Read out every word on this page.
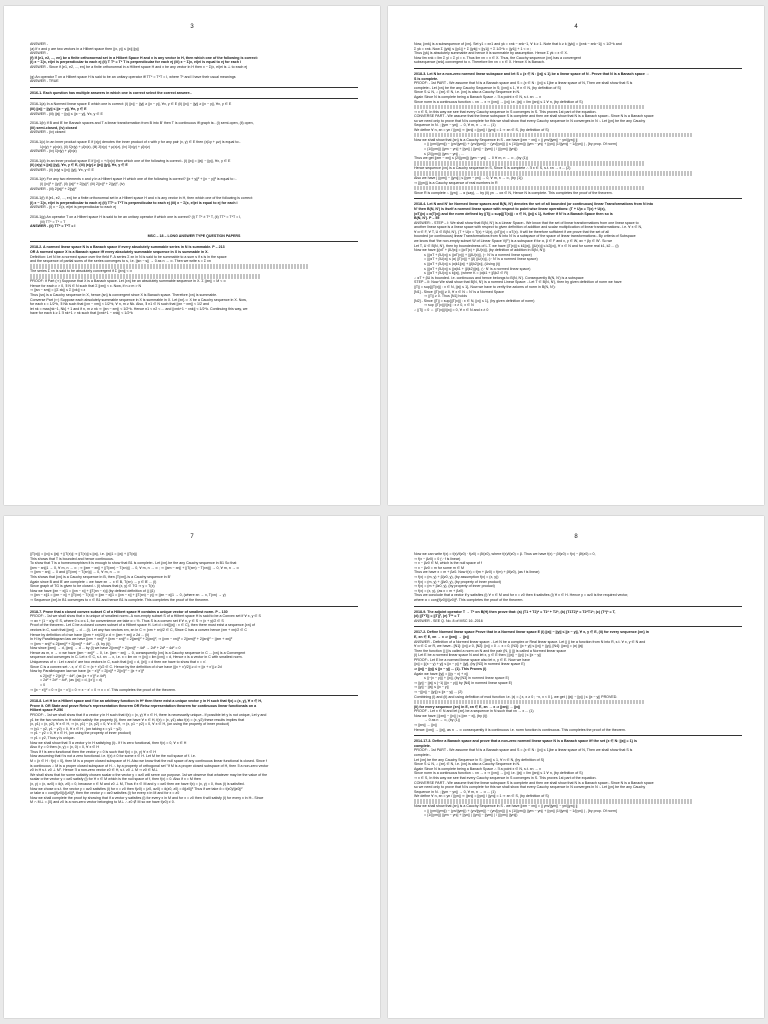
3
ANSWER -
(a) If x and y are two vectors in a Hilbert space then |(x, y)| ≤ ||x|| ||y||
ANSWER -
(f) If {e1, e2, ..., en} be a finite orthonormal set in a Hilbert Space H and x is any vector in H, then which one of the following is correct:
(i) x − Σ(x, ei)ei is perpendicular to each ej (ii) T T* = T* T is perpendicular for each ej (iii) x − Σ(x, ei)ei is equal to ej for each i
ANSWER - Since if {e1, e2, ..., en} be a finite orthonormal in a Hilbert space H and x be any vector in H then x − Σ(x, ei)ei is ⊥ to each ej
(g) An operator T on a Hilbert space H is said to be an unitary operator iff TT* = T*T = I, where T* and I have their usual meanings
ANSWER - TRUE
2016-1. Each question has multiple answers in which one is correct select the correct answer:-
2016-1(a) In a Normed linear space E which one is correct: (i) ||x|| − ||y|| ≥ ||x − y||, ∀x, y ∈ E (ii) ||x|| − ||y|| ≥ ||x − y||, ∀x, y ∈ E
(iii) ||x|| − ||y|| ≤ ||x − y||, ∀x, y ∈ E
ANSWER - (iii) ||x|| − ||y|| ≤ ||x − y||, ∀x, y ∈ E
2016-1(b) If B and B' be Banach spaces and T a linear transformation from B into B' then T is continuous iff graph is:- (i) semi-open, (ii) open,
(iii) semi-closed, (iv) closed
ANSWER - (iv) closed
2016-1(c) In an inner product space E if (x|y) denotes the inner product of x with y for any pair (x, y) ∈ E then (x|λy + μz) is equal to:-
λ(x|y) + μ(x|z), (ii) λ̄(x|y) + μ̄(x|z), (iii) λ̄(x|y) + μ(x|z), (iv) λ̄(x|y) + μ̄(x|z)
ANSWER - (iv) λ̄(x|y) + μ̄(x|z)
2016-1(d) In an inner product space E if ||x|| = +√(x|x) then which one of the following is correct:- (i) ||x|| = ||x|| − ||y||, ∀x, y ∈ E
(ii) |x|y| ≤ ||x|| ||y||, ∀x, y ∈ E, (iii) |x|y| ≥ ||x|| ||y||, ∀x, y ∈ E
ANSWER - (ii) |x|y| ≤ ||x|| ||y||, ∀x, y ∈ E
2016-1(e) For any two elements x and y in a Hilbert space H which one of the following is correct? ||x + y||² + ||x − y||² is equal to :-
(i) ||x||² + ||y||², (ii) ||x||² + 2||y||², (iii) 2||x||² + 2||y||², (iv)
ANSWER - (iii) 2||x||² + 2||y||²
2016-1(f) If {e1, e2, ..., en} be a finite orthonormal set in a Hilbert space H and x is any vector in H, then which one of the following is correct:
(i) x − Σ(x, ei)ei is perpendicular to each ej (ii) TT* = T*T is perpendicular to each ej (iii) x − Σ(x, ei)ei is equal to ej for each i
ANSWER - (i) x − Σ(x, ei)ei is perpendicular to each ej
2016-1(g) An operator T on a Hilbert space H is said to be an unitary operator if which one is correct? (i) T T* ≠ T* T, (ii) TT* = T*T = I,
(iii) TT* = T* = T
ANSWER - (ii) TT* = T*T = I
MSC – 18 – LONG ANSWER TYPE QUESTION PAPERS
2018-2. A normed linear space N is a Banach space if every absolutely summable series in N is summable. P – 213
OR A normed space X is a Banach space iff every absolutely summable sequence in X is summable in X.
Definition: Let N be a normed space over the field F. A series Σ xn in N is said to be summable to a sum s if s is in the space
and the sequence of partial sums of the series converges to s, i.e. ||sn − s|| → 0 as n → ∞. Then we write s = Σ xn
The series Σ xn is said to be absolutely convergent if Σ ||xn|| < ∞
PROOF: If Part (⇒) Suppose that X is a Banach space. Let {xn} be an absolutely summable sequence in X. Σ ||xn|| = M < ∞
Hence for each ε > 0, ∃ N ∈ N such that Σ ||xn|| < ε. Now, if n ≥ m > N
⇒ ||sn − sm|| = ||Σ xk|| ≤ Σ ||xk|| < ε
Thus {sn} is a Cauchy sequence in X, hence {sn} is convergent since X is Banach space. Therefore {xn} is summable.
Converse Part (⇐) Suppose each absolutely summable sequence in X is summable in X. Let {xn} ⊂ X be a Cauchy sequence in X. Now,
for each ε = 1/2^k, ∃ Nk such that ||xn − xm|| < 1/2^k, ∀ n, m ≥ Nk. Also, ∃ n1 ∈ N such that ||xn − xm|| < 1/2 and
let nk = max{nk−1, Nk} + 1 and if n, m ≥ nk ⇒ ||xn − xm|| < 1/2^k. Hence n1 < n2 < ... and ||xnk+1 − xnk|| < 1/2^k. Continuing this way, we
have for each k ≥ 1 ∃ nk+1 > nk such that ||xnk+1 − xnk|| < 1/2^k
4
Now, {xnk} is a subsequence of {xn}. Set y1 = xn1 and yk = xnk − xnk−1, ∀ k ≥ 1. Note that k ≥ k ||yk|| = ||xnk − xnk−1|| < 1/2^k and
Σ yk = xnk. Now Σ ||yk|| ≤ ||y1|| + Σ ||yk|| < ||y1|| + Σ 1/2^k = ||y1|| + 1 < ∞ ;
Thus {yk} is absolutely summable and hence it is summable by assumption. Hence Σ yk = x ∈ X.
Now lim xnk = lim Σ yi = Σ yi = x. Thus lim xn = x ∈ X. Thus, the Cauchy sequence {xn} has a convergent
subsequence {xnk} convergent to x. Therefore lim xn = x ∈ X. Hence X is Banach.
2018-3. Let N be a non-zero normed linear subspace and let S = {x ∈ N : ||x|| ≤ 1} be a linear space of N . Prove that N is a Banach space ⇔
S is complete.
PROOF: - 1st PART - We assume that N is a Banach space and S = {x ∈ N : ||x|| ≤ 1}be a linear space of N, Then we shall show that S is
complete:- Let {xn} be the any Cauchy Sequence in S; ||xn|| ≤ 1, ∀ n ∈ N, (by definition of S)
Since S ⊆ N, ∴ {xn} ∈ N, i.e. {xn} is also a Cauchy Sequence in N.
Again Since N is complete being a Banach Space ∴ ∃ a point x ∈ N, s.t. xn → x
Since norm is a continuous function ∴ xn → x ⇒ ||xn|| → ||x|| i.e. ||x|| = lim ||xn|| ≤ 1 ∀ n, (by definition of S)
⇒ x ∈ S, In this way we see that every Cauchy sequence in S converges in S. This proves 1st part of the equation.
CONVERSE PART - We assume that the linear subspace S is complete and then we shall show that N is a Banach space:- Since N is a Banach space
so we need only to prove that N is complete for this we shall show that every Cauchy sequence in N converges in N :- Let {yn} be the any Cauchy
Sequence in N. ; ||ym − yn|| → 0, ∀ m, n → ∞ ... (1)
We define ∀ n, xn = yn / ||yn|| ⇒ ||xn|| = ||yn|| / ||yn|| = 1 ⇒ xn ∈ S, (by definition of S)
Now we shall show that {xn} is a Cauchy Sequence in S - we have ||xm − xn|| = || ym/||ym|| − yn/||yn|| ||
= || (ym/||ym||) − (yn/||ym||) + (yn/||ym||) − (yn/||yn||) || ≤ (1/||ym||) ||ym − yn|| + ||yn|| |1/||ym|| − 1/||yn|| | , [by prop. Of norm]
= (1/||ym||) ||ym − yn|| + ||yn|| | ||yn|| − ||ym|| | / (||ym|| ||yn||)
≤ (2/||ym||) ||ym − yn|| , ...
Thus we get ||xm − xn|| ≤ (2/||ym||) ||ym − yn|| → 0 ∀ m, n → ∞ , (by (1))
Hence sequence {xn} is a Cauchy sequence in S, Since S is complete ∴ ∃ x ∈ S, s.t. xn → x ... (2)
Also we have | ||ym|| − ||yn|| | ≤ ||ym − yn|| → 0, ∀ m, n → ∞, (by (1))
⇒ {||yn||} is a Cauchy sequence of real numbers in R
Since R is complete ∴ ||yn|| → α (say), ... by (ii) yn → αx ∈ N, Hence N is complete. This completes the proof of the theorem.
2018-4. Let N and N' be Normed linear spaces and B(N, N') denotes the set of all bounded (or continuous) linear Transformations from N into
N' then B(N, N') is itself a normed linear space with respect to point wise linear operations: (T + U)x = T(x) + U(x),
(αT)(x) = α(T(x)) and the norm defined by ||T|| = sup{||T(x)|| : x ∈ N, ||x|| ≤ 1}, further if N' is a Banach Space then so is
B(N, N'). P – 55
ANSWER: - STEP – I: We shall show that B(N, N') is a Linear Space:- We know that the set of linear transformations from one linear space to
another linear space is a linear space with respect to given definition of addition and scalar multiplication of linear transformations:- i.e. ∀ x ∈ N,
∀ α ∈ F, ∀ T, U ∈ B(N, N'), (T + U)x = T(x) + U(x), (αT)(x) = αT(x). It will be therefore sufficient if we prove that the set of all
bounded (or continuous) linear Transformations from N into N' is a subspace of the space of linear transformations:- By criteria of Subspace
we know that 'the non-empty subset W of Linear Space V(F) is a subspace if for α, β ∈ F and x, y ∈ W, αx + βy ∈ W'. So we
Let T, U ∈ B(N, N'), then by boundedness of L.T. we have ||T(x)|| ≤ k1||x||, ||U(x)|| ≤ k2||x||, ∀ x ∈ N and for some real k1, k2 ... (i)
Now we have ||(αT + βU)x|| = ||αT(x) + βU(x)||, (by definition of addition in B(N, N'))
≤ ||(αT + βU)x|| ≤ ||αT(x)|| + ||βU(x)||, (∵ N' is a normed linear space)
= ||(αT + βU)x|| ≤ |α| ||T(x)|| + |β| ||U(x)||, (∵ N' is a normed linear space)
≤ ||(αT + βU)x|| ≤ |α|k1||x|| + |β|k2||x||, (Using (i))
≤ ||(αT + βU)x|| ≤ (|α|k1 + |β|k2)||x||, (∵ N' is a normed linear space)
≤ ||(αT + βU)x|| ≤ k||x||, (where K = |α|k1 + |β|k2 ∈ R)
∴ αT + βU is bounded. i.e. continuous and hence belongs to B(N, N'). Consequently B(N, N') is a subspace
STEP – II: Now We shall show that B(N, N') is a normed Linear Space: - Let T ∈ B(N, N'), then by given definition of norm we have
||T|| = sup{||T(x)|| : x ∈ N, ||x|| ≤ 1}, Now we have to verify the axioms of norm in B(N, N'):
[N1] - Since ||T(x)|| ≥ 0, ∀ x ∈ N ∴ N' is a Normed Space
⇒ ||T|| ≥ 0. Thus [N1] holds
[N2] - Since ||T|| = sup{||T(x)|| : x ∈ N, ||x|| ≤ 1}, (by given definition of norm)
⇒ sup ||T(x)||/||x|| : x ≠ 0, x ∈ N
∴ ||T|| = 0 ⇔ ||T(x)||/||x|| = 0, ∀ x ∈ N and x ≠ 0
7
||T(x)|| = ||x|| ≤ ||x|| + ||T(x)|| ⇒ ||T(x)|| ≤ ||x||, i.e. ||x||1 = ||x|| + ||T(x)||
This shows that T is bounded and hence continuous.
To show that T is a homeomorphism it is enough to show that B1 is complete:- Let {xn} be the any Cauchy sequence in B1 So that
||xm − xn||1 → 0, ∀ m, n → ∞ ; ⇒ ||xm − xn|| + ||T(xm) − T(xn)|| → 0, ∀ m, n → ∞ ; ⇒ ||xm − xn|| + ||T(xm) − T(xn)|| → 0, ∀ m, n → ∞
⇒ ||xm − xn|| → 0 and ||T(xm) − T(xn)|| → 0, ∀ m, n → ∞
This shows that {xn} is a Cauchy sequence in B, then {T(xn)} is a Cauchy sequence in B'
Again since B and B' are complete ∴ we have xn → x ∈ B, T(xn) → y ∈ B' ... (i)
Since graph of TG is given to be closed ∴ (i) shows that (x, y) ∈ TG ⇒ y = T(x)
Now we have ||xn − x||1 = ||xn − x|| + ||T(xn − x)|| (by defined definition of || ||1)
⇒ ||xn − x||1 = ||xn − x|| + ||T(xn) − T(x)|| ⇒ ||xn − x||1 = ||xn − x|| + ||T(xn) − y|| ⇒ ||xn − x||1 → 0, (where xn → x, T(xn) → y)
⇒ Sequence {xn} in B1 converges to x ∈ B1 and hence B1 is complete. This completes the proof of the theorem.
2018-7. Prove that a closed convex subset C of a Hilbert space H contains a unique vector of smallest norm. P – 130
PROOF: - 1st we shall show that x is unique of smallest norm:- A non-empty subset S of a Hilbert space H is said to be a Convex set if ∀ x, y ∈ S
⇒ αx + (1 − α)y ∈ S, where 0 ≤ α ≤ 1, for convenience we take α = ½. Thus S is a convex set if ∀ x, y ∈ S ⇒ (x + y)/2 ∈ S
Proof of the theorem:- Let C be a closed convex subset of a Hilbert space H. Let d = inf{||x|| : x ∈ C}, then there must exist a sequence {xn} of
vectors in C, such that ||xn|| → d ... (i). Let any two vectors xm, xn in C ⇒ (xm + xn)/2 ∈ C, Since C has a convex hence (xm + xn)/2 ∈ C
Hence by definition of d we have ||(xm + xn)/2|| ≥ d ⇒ ||xm + xn|| ≥ 2d ... (ii)
In H by Parallelogram law we have ||xm + xn||² + ||xm − xn||² = 2||xm||² + 2||xn||², ⇒ ||xm − xn||² = 2||xm||² + 2||xn||² − ||xm + xn||²
⇒ ||xm − xn||² ≤ 2||xm||² + 2||xn||² − 4d² ... (ii, by (i))
Now since ||xm|| → d, ||xn|| → d ... by (i) we have 2||xm||² + 2||xn||² − 4d² → 2d² + 2d² − 4d² = 0
Hence as m, n → ∞ we have ||xm − xn||² → 0, i.e. ||xm − xn|| → 0, consequently {xn} is a Cauchy sequence in C ... {xn} is a Convergent
sequence and converges in C. Let x ∈ C, s.t. xn → x, i.e. x = lim xn ⇒ ||x|| = lim ||xn|| = d, Hence x is a vector in C with smallest norm.
Uniqueness of x : Let x and x' are two vectors in C, such that ||x|| = d, ||x'|| = d then we have to show that x = x'.
Since C is a convex set ∴ x, x' ∈ C ⇒ (x + x')/2 ∈ C. Hence by the definition of d we have ||(x + x')/2|| ≥ d ⇒ ||x + x'|| ≥ 2d
Now by Parallelogram law we have ||x − x'||² = 2||x||² + 2||x'||² − ||x + x'||²
≤ 2||x||² + 2||x'||² − 4d², (as ||x + x'||² ≥ 4d²)
= 2d² + 2d² − 4d², (as ||x|| = d, ||x'|| = d)
= 0
⇒ ||x − x'||² = 0 ⇒ ||x − x'|| = 0 ⇒ x − x' = 0 ⇒ x = x'. This completes the proof of the theorem.
2018-8. Let H be a Hilbert space and f be an arbitrary function in H* then there exist a unique vector y in H such that f(x) = (x, y), ∀ x ∈ H,
Prove it. OR State and prove Reisz's representation theorem OR Reisz representation theorem for continuous linear functionals on a
Hilbert space P-256
PROOF: - 1st we shall show that if a vector y in H such that f(x) = (x, y) ∀ x ∈ H, there is necessarily unique:- If possible let y is not unique, Let y and
y1 be the two vectors in H which satisfy the property (i), then we have ∀ x ∈ H, f(x) = (x, y1) also f(x) = (x, y2) these results implies that
(x, y1) = (x, y2), ∀ x ∈ H, ⇒ (x, y1) − (x, y2) = 0, ∀ x ∈ H, ⇒ (x, y1 − y2) = 0, ∀ x ∈ H, (on using the property of inner product)
⇒ (y1 − y2, y1 − y2) = 0, ∀ x ∈ H , (on taking x = y1 − y2)
⇒ y1 − y2 = 0, ∀ x ∈ H, (on using the property of inner product)
⇒ y1 = y2, Thus y is unique.
Now we shall show that ∃ a vector y in H satisfying (i):- If f is zero functional, then f(x) = 0, ∀ x ∈ H
Also if y = 0 then (x, y) = (x, 0) = 0, ∀ x ∈ H
Thus If f is zero functional then the vector y = 0 is such that f(x) = (x, y) ∀ x ∈ H
Now assuming that f is not a zero functional. i.e. f(x) ≠ 0 for some x ∈ H. Let M be the null space of f. i.e.
M = {x ∈ H : f(x) = 0}, then M is a proper closed subspace of H. Also we know that the null space of any continuous linear functional is closed. Since f
is continuous ∴ M is a proper closed subspace of H. ∴ by a property of orthogonal set "If M is a proper closed subspace of H, then ∃ a non-zero vector
z0 in H s.t. z0 ⊥ M". Hence ∃ a non-zero vector z0 ∈ H, s.t. z0 ⊥ M ⇒ z0 ∈ M⊥
We shall show that for some suitably chosen scalar α the vector y = αz0 will serve our purpose. 1st we observe that whatever may be the value of the
scalar α the vector y = αz0 satisfy (i) for ∀ x ∈ M which is the null space of f, then f(x) = 0. Also if x = M then
(x, y) = (x, αz0) = ᾱ(x, z0) = 0, because x ∈ M and z0 ⊥ M, Thus if x ∈ M and y = αz0 then we have f(x) = (x, y) = 0, thus (i) is satisfied.
Now we chose α s.t. the vector y = αz0 satisfies (i) for x = z0 then f(z0) = (z0, αz0) = ᾱ(z0, z0) = ᾱ||z0||² Thus if we take ᾱ = f(z0)/||z0||²
or take α = conj(f(z0))/||z0||², then the vector y = αz0 satisfies (i) for every x in M and for x = z0
Now we shall complete the proof by showing that if a vector y satisfies (i) for every x in M and for x = z0 then it will satisfy (i) for every x in H:- Since
M ∩ M⊥ = {0} and z0 is a non-zero vector belonging to M⊥ ∴ z0 ∉ M so we have f(z0) ≠ 0.
8
Now we can write f(x) = f(x)/f(z0) · f(z0) = βf(z0), where f(x)/f(z0) = β. Thus we have f(x) − βf(z0) = f(x) − βf(z0) = 0,
⇒ f(x − βz0) = 0 (∵ f is linear)
⇒ x − βz0 ∈ M, which is the null space of f
⇒ x − βz0 = m for some m ∈ M
Thus we have x = m + βz0. Now f(x) = f(m + βz0) = f(m) + βf(z0), (as f is linear)
⇒ f(x) = (m, y) + β(z0, y), (by assumption f(x) = (x, y))
⇒ f(x) = (m, y) + (βz0, y), (by property of inner product)
⇒ f(x) = (m + βz0, y), (by property of inner product)
⇒ f(x) = (x, y), (as x = m + βz0)
Thus we conclude that a vector if y satisfies (i) ∀ x ∈ M and for x = z0 then it satisfies (i) ∀ x ∈ H. Hence y = αz0 is the required vector,
where α = conj(f(z0))/||z0||². This completes the proof of the theorem.
2018-9. The adjoint operator T → T* on B(H) then prove that: (a) (T1 + T2)* = T1* + T2*, (b) (T1T2)* = T2*T1*; (c) (T*)* = T,
(d) ||T*T|| = ||T||², (e) T** = T
ANSWER - SEE Q. No. 8 of MSC 16 -2016
2017-2. Define Normed linear space Prove that in a Normed linear space E (i) ||x|| − ||y|| ≤ ||x − y||, ∀ x, y ∈ E, (ii) for every sequence {xn} in
E, xn ∈ E, xn → x ⇒ ||xn|| → ||x||
ANSWER - Definition of a Normed linear space: - Let N be a complex or Real linear space. Let || || be a function from N into R, s.t. ∀ x, y ∈ N and
∀ α ∈ C or R, we have:- [N1]: ||x|| ≥ 0, [N2]: ||x|| = 0 ⇔ x = 0, [N3]: ||x + y|| ≤ ||x|| + ||y||, [N4]: ||αx|| = |α| ||x||
Then the function || || is called a norm on N and the pair (N, || ||) is called a Normed linear space
(i) Let E be a normed linear space N and let x, y ∈ E then | ||x|| − ||y|| | ≤ ||x − y||
PROOF:- Let E be a normed linear space also let x, y ∈ E. Now we have
||x|| = ||(x − y) + y|| ≤ ||x − y|| + ||y||, (by [N3] in normed linear space E)
⇒ ||x|| − ||y|| ≤ ||x − y|| ... (1). This Proves (i)
Again we have ||y|| = ||(y − x) + x||
≤ ||−(x − y)|| + ||x||, (by [N3] in normed linear space E)
⇒ ||y|| − ||x|| ≤ |−1| ||(x − y)|| by [N4] in normed linear space E)
⇒ ||y|| − ||x|| ≤ ||x − y||
⇒ −(||x|| − ||y||) ≤ ||x − y|| ... (2)
Combining (i) and (ii) and using definition of mod function i.e. |x| = { x, x ≥ 0 ; −x, x < 0 }, we get | ||x|| − ||y|| | ≤ ||x − y|| PROVED.
(ii) for every sequence {xn} in E, xn ∈ E, xn → x ⇒ ||xn|| → ||x||
PROOF - Let x ∈ N and let {xn} be a sequence in N such that xn → x ... (1)
Now we have | ||xn|| − ||x|| | ≤ ||xn − x||, (by (i))
→ 0 as n → ∞, (by (1))
⇒ ||xn|| → ||x||
Hence: ||xn|| → ||x||, as n → ∞ consequently it is continuous i.e. norm function is continuous. This completes the proof of the theorem.
2014-17-3. Define a Banach space and prove that a non-zero normed linear space N is a Banach space iff the set {x ∈ N: ||x|| = 1} is
complete.
PROOF: - 1st PART - We assume that N is a Banach space and S = {x ∈ N : ||x|| ≤ 1}be a linear space of N, Then we shall show that S is
complete:-
Let {xn} be the any Cauchy Sequence in S ; ||xn|| ≤ 1, ∀ n ∈ N, (by definition of S)
Since S ⊆ N, ∴ {xn} ∈ N, i.e. {xn} is also a Cauchy Sequence in N.
Again Since N is complete being a Banach Space ∴ ∃ a point x ∈ N, s.t. xn → x
Since norm is a continuous function ∴ xn → x ⇒ ||xn|| → ||x|| i.e. ||x|| = lim ||xn|| ≤ 1 ∀ n, (by definition of S)
⇒ x ∈ S, In this way we see that every Cauchy sequence in S converges in S. This proves 1st part of the equation.
CONVERSE PART - We assume that the linear subspace S is complete and then we shall show that N is a Banach space:- Since N is a Banach space
so we need only to prove that N is complete for this we shall show that every Cauchy sequence in N converges in N :- Let {yn} be the any Cauchy
Sequence in N. ; ||ym − yn|| → 0, ∀ m, n → ∞ ... (1)
We define ∀ n, xn = yn / ||yn|| ⇒ ||xn|| = ||yn|| / ||yn|| = 1 ⇒ xn ∈ S, (by definition of S)
Now we shall show that {xn} is a Cauchy Sequence in S - we have ||xm − xn|| = || ym/||ym|| − yn/||yn|| ||
= || (ym/||ym||) − (yn/||ym||) + (yn/||ym||) − (yn/||yn||) || ≤ (1/||ym||) ||ym − yn|| + ||yn|| |1/||ym|| − 1/||yn|| | , [by prop. Of norm]
= (1/||ym||) ||ym − yn|| + ||yn|| | ||yn|| − ||ym|| | / (||ym|| ||yn||)
